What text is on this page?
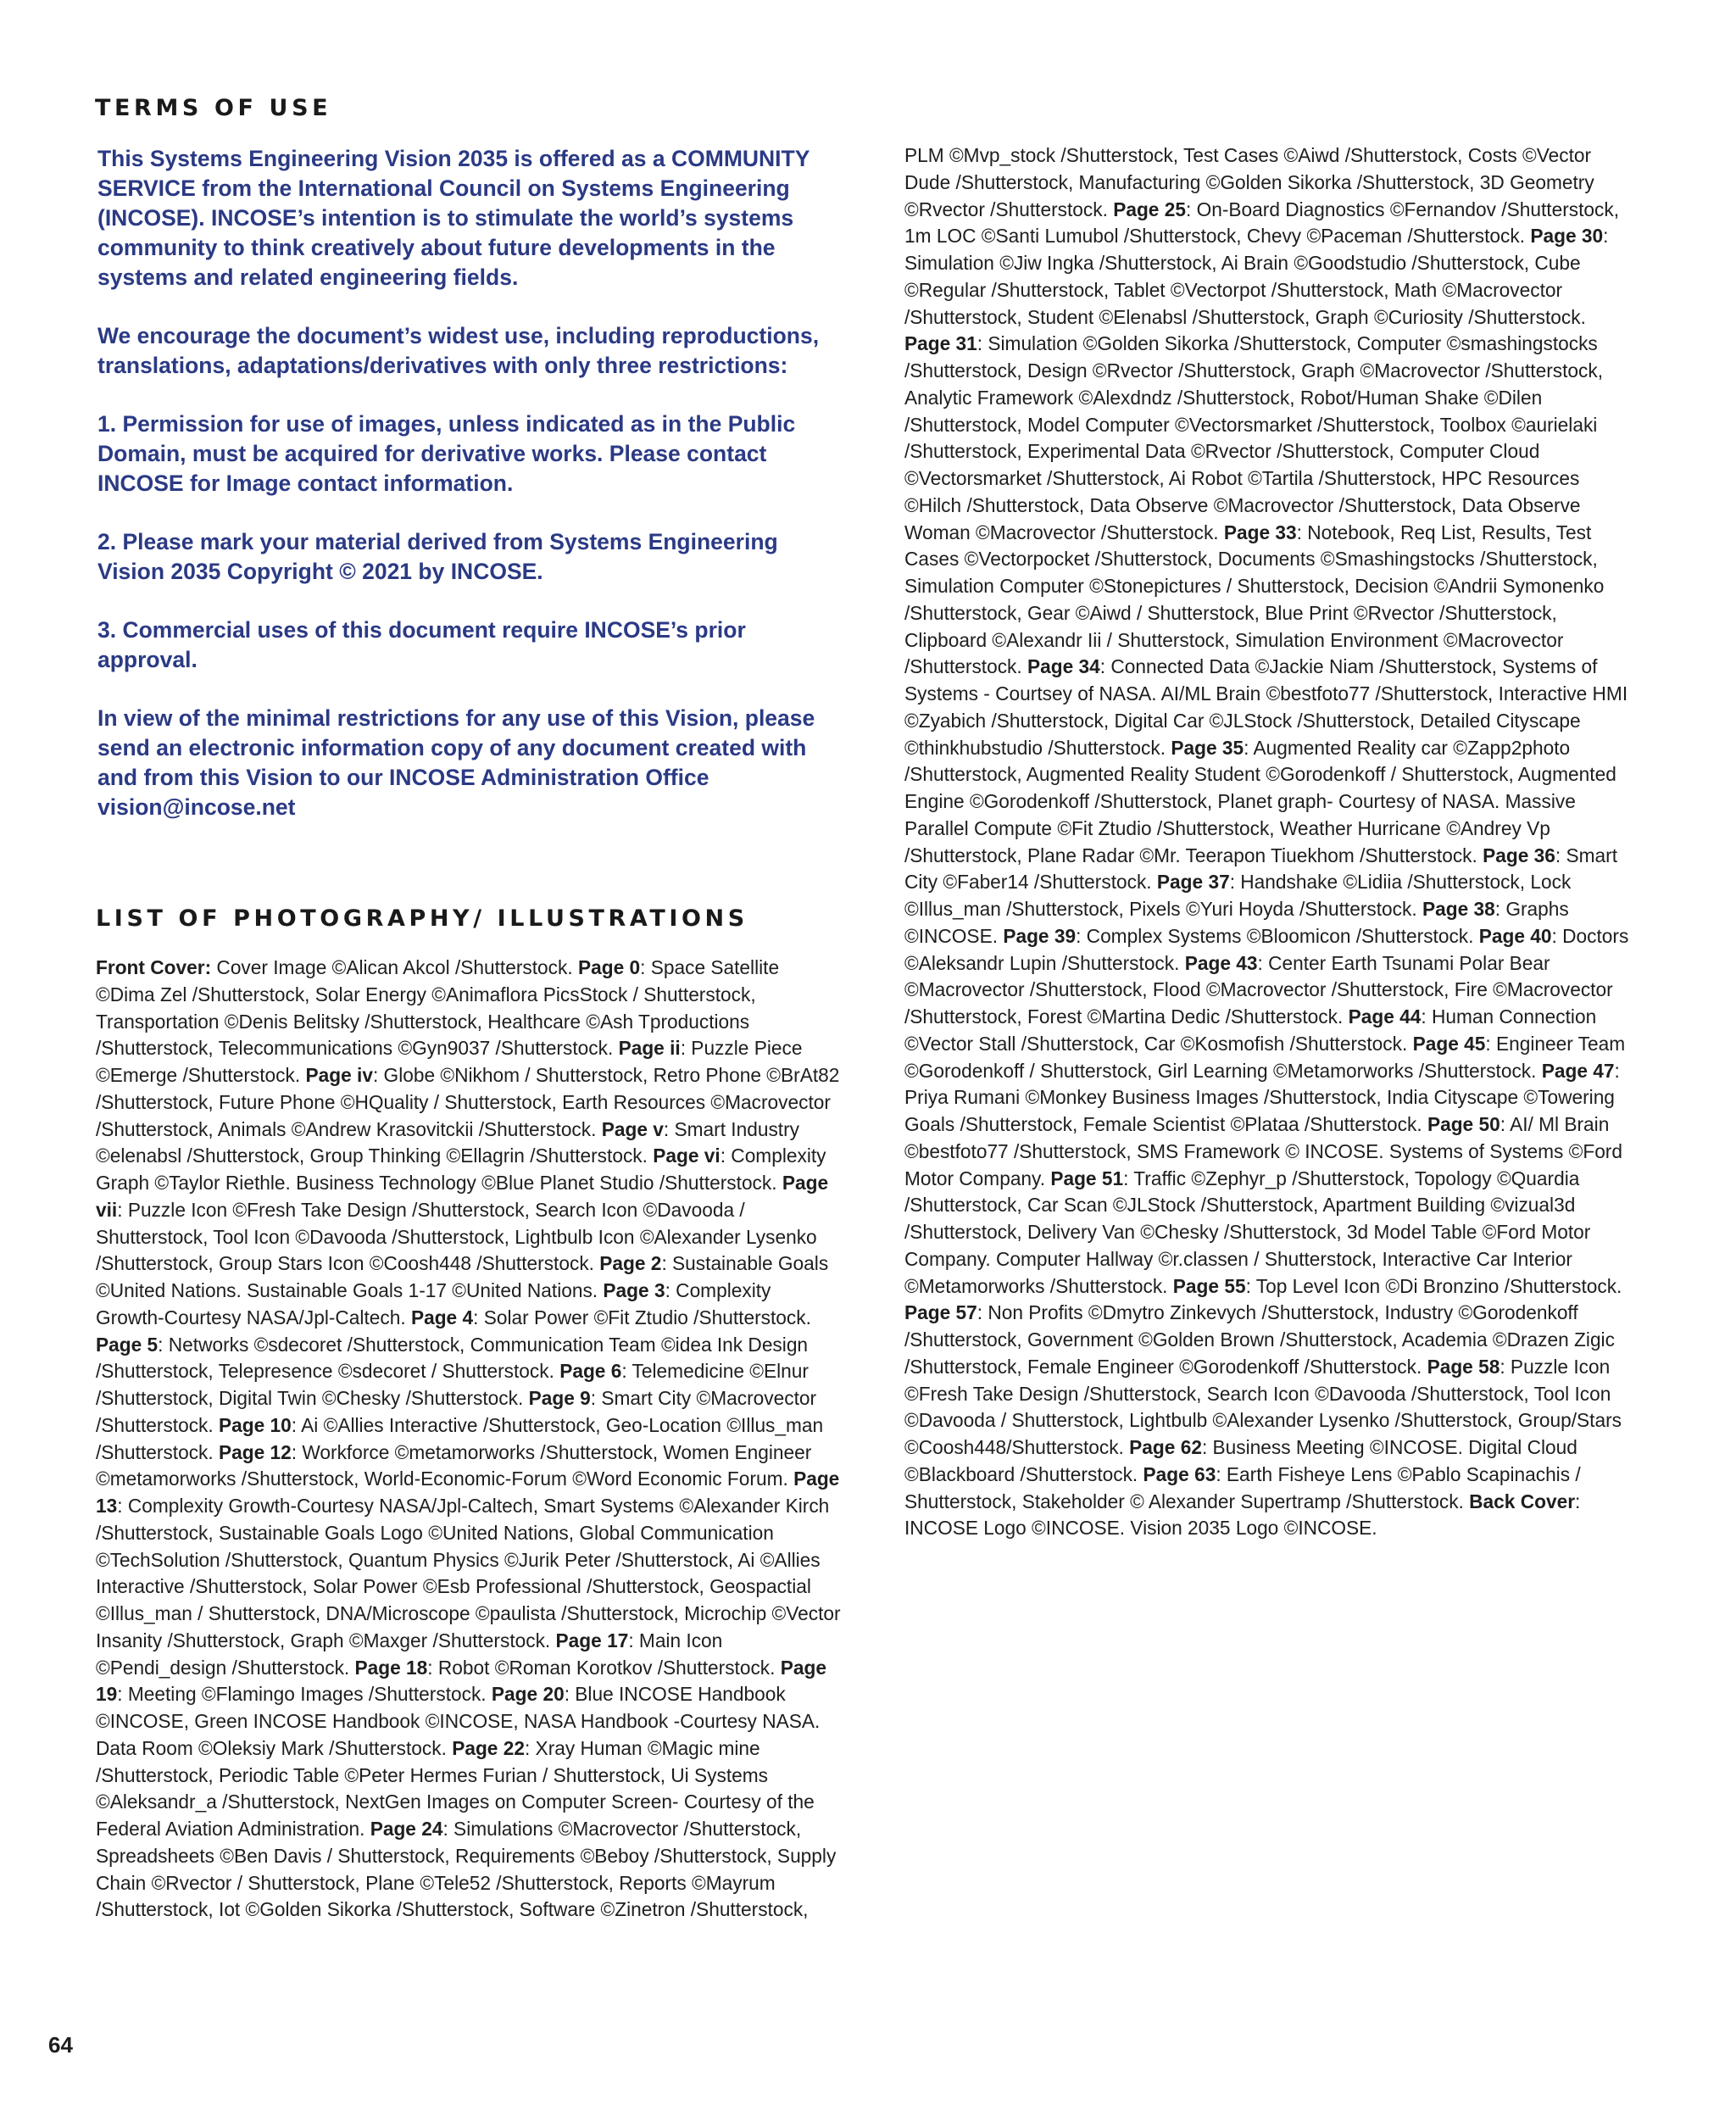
TERMS OF USE

This Systems Engineering Vision 2035 is offered as a COMMUNITY SERVICE from the International Council on Systems Engineering (INCOSE). INCOSE’s intention is to stimulate the world’s systems community to think creatively about future developments in the systems and related engineering fields.

We encourage the document’s widest use, including reproductions, translations, adaptations/derivatives with only three restrictions:

1. Permission for use of images, unless indicated as in the Public Domain, must be acquired for derivative works. Please contact INCOSE for Image contact information.

2. Please mark your material derived from Systems Engineering Vision 2035 Copyright © 2021 by INCOSE.

3. Commercial uses of this document require INCOSE’s prior approval.

In view of the minimal restrictions for any use of this Vision, please send an electronic information copy of any document created with and from this Vision to our INCOSE Administration Office vision@incose.net

LIST OF PHOTOGRAPHY/ ILLUSTRATIONS
Front Cover: Cover Image ©Alican Akcol /Shutterstock. Page 0: Space Satellite ©Dima Zel /Shutterstock, Solar Energy ©Animaflora PicsStock / Shutterstock, Transportation ©Denis Belitsky /Shutterstock, Healthcare ©Ash Tproductions /Shutterstock, Telecommunications ©Gyn9037 /Shutterstock. Page ii: Puzzle Piece ©Emerge /Shutterstock. Page iv: Globe ©Nikhom / Shutterstock, Retro Phone ©BrAt82 /Shutterstock, Future Phone ©HQuality / Shutterstock, Earth Resources ©Macrovector /Shutterstock, Animals ©Andrew Krasovitckii /Shutterstock. Page v: Smart Industry ©elenabsl /Shutterstock, Group Thinking ©Ellagrin /Shutterstock. Page vi: Complexity Graph ©Taylor Riethle. Business Technology ©Blue Planet Studio /Shutterstock. Page vii: Puzzle Icon ©Fresh Take Design /Shutterstock, Search Icon ©Davooda / Shutterstock, Tool Icon ©Davooda /Shutterstock, Lightbulb Icon ©Alexander Lysenko /Shutterstock, Group Stars Icon ©Coosh448 /Shutterstock. Page 2: Sustainable Goals ©United Nations. Sustainable Goals 1-17 ©United Nations. Page 3: Complexity Growth-Courtesy NASA/Jpl-Caltech. Page 4: Solar Power ©Fit Ztudio /Shutterstock. Page 5: Networks ©sdecoret /Shutterstock, Communication Team ©idea Ink Design /Shutterstock, Telepresence ©sdecoret / Shutterstock. Page 6: Telemedicine ©Elnur /Shutterstock, Digital Twin ©Chesky /Shutterstock. Page 9: Smart City ©Macrovector /Shutterstock. Page 10: Ai ©Allies Interactive /Shutterstock, Geo-Location ©Illus_man /Shutterstock. Page 12: Workforce ©metamorworks /Shutterstock, Women Engineer ©metamorworks /Shutterstock, World-Economic-Forum ©Word Economic Forum. Page 13: Complexity Growth-Courtesy NASA/Jpl-Caltech, Smart Systems ©Alexander Kirch /Shutterstock, Sustainable Goals Logo ©United Nations, Global Communication ©TechSolution /Shutterstock, Quantum Physics ©Jurik Peter /Shutterstock, Ai ©Allies Interactive /Shutterstock, Solar Power ©Esb Professional /Shutterstock, Geospactial ©Illus_man / Shutterstock, DNA/Microscope ©paulista /Shutterstock, Microchip ©Vector Insanity /Shutterstock, Graph ©Maxger /Shutterstock. Page 17: Main Icon ©Pendi_design /Shutterstock. Page 18: Robot ©Roman Korotkov /Shutterstock. Page 19: Meeting ©Flamingo Images /Shutterstock. Page 20: Blue INCOSE Handbook ©INCOSE, Green INCOSE Handbook ©INCOSE, NASA Handbook -Courtesy NASA. Data Room ©Oleksiy Mark /Shutterstock. Page 22: Xray Human ©Magic mine /Shutterstock, Periodic Table ©Peter Hermes Furian / Shutterstock, Ui Systems ©Aleksandr_a /Shutterstock, NextGen Images on Computer Screen- Courtesy of the Federal Aviation Administration. Page 24: Simulations ©Macrovector /Shutterstock, Spreadsheets ©Ben Davis / Shutterstock, Requirements ©Beboy /Shutterstock, Supply Chain ©Rvector / Shutterstock, Plane ©Tele52 /Shutterstock, Reports ©Mayrum /Shutterstock, Iot ©Golden Sikorka /Shutterstock, Software ©Zinetron /Shutterstock,
PLM ©Mvp_stock /Shutterstock, Test Cases ©Aiwd /Shutterstock, Costs ©Vector Dude /Shutterstock, Manufacturing ©Golden Sikorka /Shutterstock, 3D Geometry ©Rvector /Shutterstock. Page 25: On-Board Diagnostics ©Fernandov /Shutterstock, 1m LOC ©Santi Lumubol /Shutterstock, Chevy ©Paceman /Shutterstock. Page 30: Simulation ©Jiw Ingka /Shutterstock, Ai Brain ©Goodstudio /Shutterstock, Cube ©Regular /Shutterstock, Tablet ©Vectorpot /Shutterstock, Math ©Macrovector /Shutterstock, Student ©Elenabsl /Shutterstock, Graph ©Curiosity /Shutterstock. Page 31: Simulation ©Golden Sikorka /Shutterstock, Computer ©smashingstocks /Shutterstock, Design ©Rvector /Shutterstock, Graph ©Macrovector /Shutterstock, Analytic Framework ©Alexdndz /Shutterstock, Robot/Human Shake ©Dilen /Shutterstock, Model Computer ©Vectorsmarket /Shutterstock, Toolbox ©aurielaki /Shutterstock, Experimental Data ©Rvector /Shutterstock, Computer Cloud ©Vectorsmarket /Shutterstock, Ai Robot ©Tartila /Shutterstock, HPC Resources ©Hilch /Shutterstock, Data Observe ©Macrovector /Shutterstock, Data Observe Woman ©Macrovector /Shutterstock. Page 33: Notebook, Req List, Results, Test Cases ©Vectorpocket /Shutterstock, Documents ©Smashingstocks /Shutterstock, Simulation Computer ©Stonepictures / Shutterstock, Decision ©Andrii Symonenko /Shutterstock, Gear ©Aiwd / Shutterstock, Blue Print ©Rvector /Shutterstock, Clipboard ©Alexandr Iii / Shutterstock, Simulation Environment ©Macrovector /Shutterstock. Page 34: Connected Data ©Jackie Niam /Shutterstock, Systems of Systems - Courtsey of NASA. AI/ML Brain ©bestfoto77 /Shutterstock, Interactive HMI ©Zyabich /Shutterstock, Digital Car ©JLStock /Shutterstock, Detailed Cityscape ©thinkhubstudio /Shutterstock. Page 35: Augmented Reality car ©Zapp2photo /Shutterstock, Augmented Reality Student ©Gorodenkoff / Shutterstock, Augmented Engine ©Gorodenkoff /Shutterstock, Planet graph- Courtesy of NASA. Massive Parallel Compute ©Fit Ztudio /Shutterstock, Weather Hurricane ©Andrey Vp /Shutterstock, Plane Radar ©Mr. Teerapon Tiuekhom /Shutterstock. Page 36: Smart City ©Faber14 /Shutterstock. Page 37: Handshake ©Lidiia /Shutterstock, Lock ©Illus_man /Shutterstock, Pixels ©Yuri Hoyda /Shutterstock. Page 38: Graphs ©INCOSE. Page 39: Complex Systems ©Bloomicon /Shutterstock. Page 40: Doctors ©Aleksandr Lupin /Shutterstock. Page 43: Center Earth Tsunami Polar Bear ©Macrovector /Shutterstock, Flood ©Macrovector /Shutterstock, Fire ©Macrovector /Shutterstock, Forest ©Martina Dedic /Shutterstock. Page 44: Human Connection ©Vector Stall /Shutterstock, Car ©Kosmofish /Shutterstock. Page 45: Engineer Team ©Gorodenkoff / Shutterstock, Girl Learning ©Metamorworks /Shutterstock. Page 47: Priya Rumani ©Monkey Business Images /Shutterstock, India Cityscape ©Towering Goals /Shutterstock, Female Scientist ©Plataa /Shutterstock. Page 50: AI/ Ml Brain ©bestfoto77 /Shutterstock, SMS Framework © INCOSE. Systems of Systems ©Ford Motor Company. Page 51: Traffic ©Zephyr_p /Shutterstock, Topology ©Quardia /Shutterstock, Car Scan ©JLStock /Shutterstock, Apartment Building ©vizual3d /Shutterstock, Delivery Van ©Chesky /Shutterstock, 3d Model Table ©Ford Motor Company. Computer Hallway ©r.classen / Shutterstock, Interactive Car Interior ©Metamorworks /Shutterstock. Page 55: Top Level Icon ©Di Bronzino /Shutterstock. Page 57: Non Profits ©Dmytro Zinkevych /Shutterstock, Industry ©Gorodenkoff /Shutterstock, Government ©Golden Brown /Shutterstock, Academia ©Drazen Zigic /Shutterstock, Female Engineer ©Gorodenkoff /Shutterstock. Page 58: Puzzle Icon ©Fresh Take Design /Shutterstock, Search Icon ©Davooda /Shutterstock, Tool Icon ©Davooda / Shutterstock, Lightbulb ©Alexander Lysenko /Shutterstock, Group/Stars ©Coosh448/Shutterstock. Page 62: Business Meeting ©INCOSE. Digital Cloud ©Blackboard /Shutterstock. Page 63: Earth Fisheye Lens ©Pablo Scapinachis / Shutterstock, Stakeholder © Alexander Supertramp /Shutterstock. Back Cover: INCOSE Logo ©INCOSE. Vision 2035 Logo ©INCOSE.
64
